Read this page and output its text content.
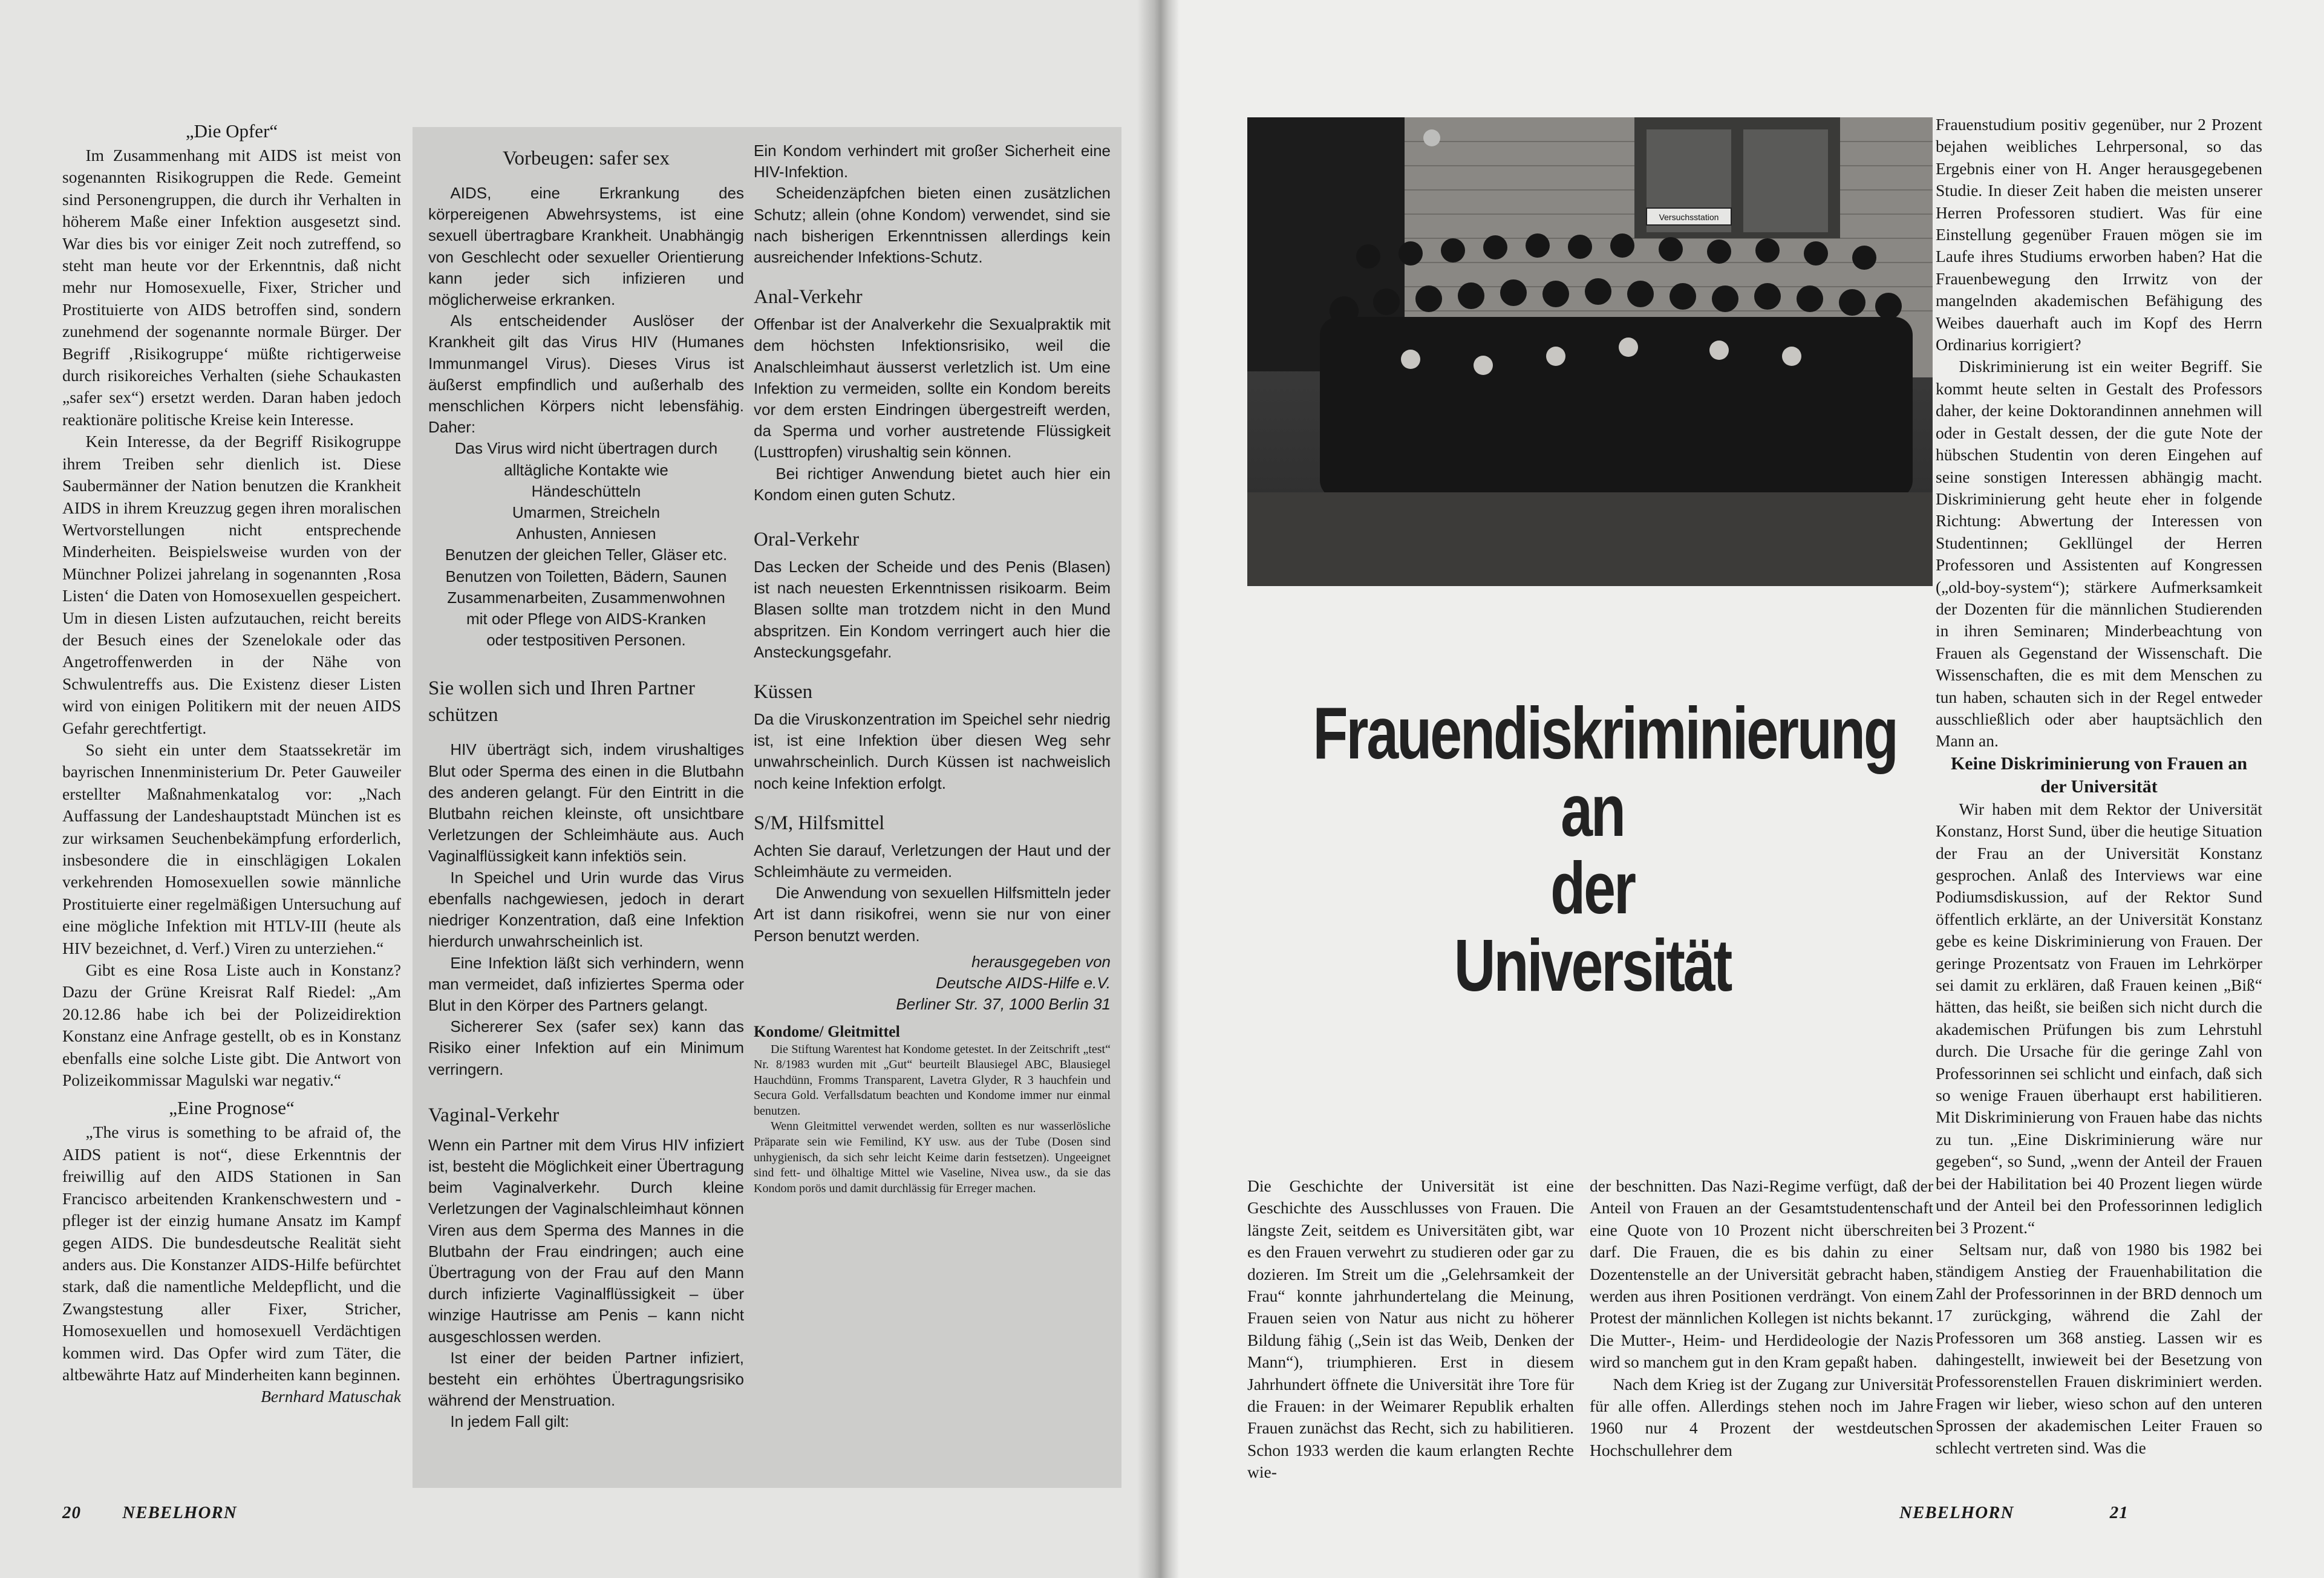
„Die Opfer“

Im Zusammenhang mit AIDS ist meist von sogenannten Risikogruppen die Rede. Gemeint sind Personengruppen, die durch ihr Verhalten in höherem Maße einer Infektion ausgesetzt sind. War dies bis vor einiger Zeit noch zutreffend, so steht man heute vor der Erkenntnis, daß nicht mehr nur Homosexuelle, Fixer, Stricher und Prostituierte von AIDS betroffen sind, sondern zunehmend der sogenannte normale Bürger. Der Begriff ‚Risikogruppe‘ müßte richtigerweise durch risikoreiches Verhalten (siehe Schaukasten „safer sex“) ersetzt werden. Daran haben jedoch reaktionäre politische Kreise kein Interesse.

Kein Interesse, da der Begriff Risikogruppe ihrem Treiben sehr dienlich ist. Diese Saubermänner der Nation benutzen die Krankheit AIDS in ihrem Kreuzzug gegen ihren moralischen Wertvorstellungen nicht entsprechende Minderheiten. Beispielsweise wurden von der Münchner Polizei jahrelang in sogenannten ‚Rosa Listen‘ die Daten von Homosexuellen gespeichert. Um in diesen Listen aufzutauchen, reicht bereits der Besuch eines der Szenelokale oder das Angetroffenwerden in der Nähe von Schwulentreffs aus. Die Existenz dieser Listen wird von einigen Politikern mit der neuen AIDS Gefahr gerechtfertigt.

So sieht ein unter dem Staatssekretär im bayrischen Innenministerium Dr. Peter Gauweiler erstellter Maßnahmenkatalog vor: „Nach Auffassung der Landeshauptstadt München ist es zur wirksamen Seuchenbekämpfung erforderlich, insbesondere die in einschlägigen Lokalen verkehrenden Homosexuellen sowie männliche Prostituierte einer regelmäßigen Untersuchung auf eine mögliche Infektion mit HTLV-III (heute als HIV bezeichnet, d. Verf.) Viren zu unterziehen.“

Gibt es eine Rosa Liste auch in Konstanz? Dazu der Grüne Kreisrat Ralf Riedel: „Am 20.12.86 habe ich bei der Polizeidirektion Konstanz eine Anfrage gestellt, ob es in Konstanz ebenfalls eine solche Liste gibt. Die Antwort von Polizeikommissar Magulski war negativ.“

„Eine Prognose“

„The virus is something to be afraid of, the AIDS patient is not“, diese Erkenntnis der freiwillig auf den AIDS Stationen in San Francisco arbeitenden Krankenschwestern und -pfleger ist der einzig humane Ansatz im Kampf gegen AIDS. Die bundesdeutsche Realität sieht anders aus. Die Konstanzer AIDS-Hilfe befürchtet stark, daß die namentliche Meldepflicht, und die Zwangstestung aller Fixer, Stricher, Homosexuellen und homosexuell Verdächtigen kommen wird. Das Opfer wird zum Täter, die altbewährte Hatz auf Minderheiten kann beginnen.

Bernhard Matuschak

Vorbeugen: safer sex

AIDS, eine Erkrankung des körpereigenen Abwehrsystems, ist eine sexuell übertragbare Krankheit. Unabhängig von Geschlecht oder sexueller Orientierung kann jeder sich infizieren und möglicherweise erkranken.

Als entscheidender Auslöser der Krankheit gilt das Virus HIV (Humanes Immunmangel Virus). Dieses Virus ist äußerst empfindlich und außerhalb des menschlichen Körpers nicht lebensfähig. Daher:

Das Virus wird nicht übertragen durch alltägliche Kontakte wie

Händeschütteln

Umarmen, Streicheln

Anhusten, Anniesen

Benutzen der gleichen Teller, Gläser etc.

Benutzen von Toiletten, Bädern, Saunen

Zusammenarbeiten, Zusammenwohnen

mit oder Pflege von AIDS-Kranken

oder testpositiven Personen.

Sie wollen sich und Ihren Partner schützen

HIV überträgt sich, indem virushaltiges Blut oder Sperma des einen in die Blutbahn des anderen gelangt. Für den Eintritt in die Blutbahn reichen kleinste, oft unsichtbare Verletzungen der Schleimhäute aus. Auch Vaginalflüssigkeit kann infektiös sein.

In Speichel und Urin wurde das Virus ebenfalls nachgewiesen, jedoch in derart niedriger Konzentration, daß eine Infektion hierdurch unwahrscheinlich ist.

Eine Infektion läßt sich verhindern, wenn man vermeidet, daß infiziertes Sperma oder Blut in den Körper des Partners gelangt.

Sichererer Sex (safer sex) kann das Risiko einer Infektion auf ein Minimum verringern.

Vaginal-Verkehr

Wenn ein Partner mit dem Virus HIV infiziert ist, besteht die Möglichkeit einer Übertragung beim Vaginalverkehr. Durch kleine Verletzungen der Vaginalschleimhaut können Viren aus dem Sperma des Mannes in die Blutbahn der Frau eindringen; auch eine Übertragung von der Frau auf den Mann durch infizierte Vaginalflüssigkeit – über winzige Hautrisse am Penis – kann nicht ausgeschlossen werden.

Ist einer der beiden Partner infiziert, besteht ein erhöhtes Übertragungsrisiko während der Menstruation.

In jedem Fall gilt:

Ein Kondom verhindert mit großer Sicherheit eine HIV-Infektion.

Scheidenzäpfchen bieten einen zusätzlichen Schutz; allein (ohne Kondom) verwendet, sind sie nach bisherigen Erkenntnissen allerdings kein ausreichender Infektions-Schutz.

Anal-Verkehr

Offenbar ist der Analverkehr die Sexualpraktik mit dem höchsten Infektionsrisiko, weil die Analschleimhaut äusserst verletzlich ist. Um eine Infektion zu vermeiden, sollte ein Kondom bereits vor dem ersten Eindringen übergestreift werden, da Sperma und vorher austretende Flüssigkeit (Lusttropfen) virushaltig sein können.

Bei richtiger Anwendung bietet auch hier ein Kondom einen guten Schutz.

Oral-Verkehr

Das Lecken der Scheide und des Penis (Blasen) ist nach neuesten Erkenntnissen risikoarm. Beim Blasen sollte man trotzdem nicht in den Mund abspritzen. Ein Kondom verringert auch hier die Ansteckungsgefahr.

Küssen

Da die Viruskonzentration im Speichel sehr niedrig ist, ist eine Infektion über diesen Weg sehr unwahrscheinlich. Durch Küssen ist nachweislich noch keine Infektion erfolgt.

S/M, Hilfsmittel

Achten Sie darauf, Verletzungen der Haut und der Schleimhäute zu vermeiden.

Die Anwendung von sexuellen Hilfsmitteln jeder Art ist dann risikofrei, wenn sie nur von einer Person benutzt werden.

herausgegeben von

Deutsche AIDS-Hilfe e.V.

Berliner Str. 37, 1000 Berlin 31

Kondome/ Gleitmittel

Die Stiftung Warentest hat Kondome getestet. In der Zeitschrift „test“ Nr. 8/1983 wurden mit „Gut“ beurteilt Blausiegel ABC, Blausiegel Hauchdünn, Fromms Transparent, Lavetra Glyder, R 3 hauchfein und Secura Gold. Verfallsdatum beachten und Kondome immer nur einmal benutzen.

Wenn Gleitmittel verwendet werden, sollten es nur wasserlösliche Präparate sein wie Femilind, KY usw. aus der Tube (Dosen sind unhygienisch, da sich sehr leicht Keime darin festsetzen). Ungeeignet sind fett- und ölhaltige Mittel wie Vaseline, Nivea usw., da sie das Kondom porös und damit durchlässig für Erreger machen.

20 NEBELHORN
Versuchsstation
Frauendiskriminierung
an
der
Universität

Die Geschichte der Universität ist eine Geschichte des Ausschlusses von Frauen. Die längste Zeit, seitdem es Universitäten gibt, war es den Frauen verwehrt zu studieren oder gar zu dozieren. Im Streit um die „Gelehrsamkeit der Frau“ konnte jahrhundertelang die Meinung, Frauen seien von Natur aus nicht zu höherer Bildung fähig („Sein ist das Weib, Denken der Mann“), triumphieren. Erst in diesem Jahrhundert öffnete die Universität ihre Tore für die Frauen: in der Weimarer Republik erhalten Frauen zunächst das Recht, sich zu habilitieren. Schon 1933 werden die kaum erlangten Rechte wie-

der beschnitten. Das Nazi-Regime verfügt, daß der Anteil von Frauen an der Gesamtstudentenschaft eine Quote von 10 Prozent nicht überschreiten darf. Die Frauen, die es bis dahin zu einer Dozentenstelle an der Universität gebracht haben, werden aus ihren Positionen verdrängt. Von einem Protest der männlichen Kollegen ist nichts bekannt. Die Mutter-, Heim- und Herdideologie der Nazis wird so manchem gut in den Kram gepaßt haben.

Nach dem Krieg ist der Zugang zur Universität für alle offen. Allerdings stehen noch im Jahre 1960 nur 4 Prozent der westdeutschen Hochschullehrer dem

Frauenstudium positiv gegenüber, nur 2 Prozent bejahen weibliches Lehrpersonal, so das Ergebnis einer von H. Anger herausgegebenen Studie. In dieser Zeit haben die meisten unserer Herren Professoren studiert. Was für eine Einstellung gegenüber Frauen mögen sie im Laufe ihres Studiums erworben haben? Hat die Frauenbewegung den Irrwitz von der mangelnden akademischen Befähigung des Weibes dauerhaft auch im Kopf des Herrn Ordinarius korrigiert?

Diskriminierung ist ein weiter Begriff. Sie kommt heute selten in Gestalt des Professors daher, der keine Doktorandinnen annehmen will oder in Gestalt dessen, der die gute Note der hübschen Studentin von deren Eingehen auf seine sonstigen Interessen abhängig macht. Diskriminierung geht heute eher in folgende Richtung: Abwertung der Interessen von Studentinnen; Gekllüngel der Herren Professoren und Assistenten auf Kongressen („old-boy-system“); stärkere Aufmerksamkeit der Dozenten für die männlichen Studierenden in ihren Seminaren; Minderbeachtung von Frauen als Gegenstand der Wissenschaft. Die Wissenschaften, die es mit dem Menschen zu tun haben, schauten sich in der Regel entweder ausschließlich oder aber hauptsächlich den Mann an.

Keine Diskriminierung von Frauen an der Universität

Wir haben mit dem Rektor der Universität Konstanz, Horst Sund, über die heutige Situation der Frau an der Universität Konstanz gesprochen. Anlaß des Interviews war eine Podiumsdiskussion, auf der Rektor Sund öffentlich erklärte, an der Universität Konstanz gebe es keine Diskriminierung von Frauen. Der geringe Prozentsatz von Frauen im Lehrkörper sei damit zu erklären, daß Frauen keinen „Biß“ hätten, das heißt, sie beißen sich nicht durch die akademischen Prüfungen bis zum Lehrstuhl durch. Die Ursache für die geringe Zahl von Professorinnen sei schlicht und einfach, daß sich so wenige Frauen überhaupt erst habilitieren. Mit Diskriminierung von Frauen habe das nichts zu tun. „Eine Diskriminierung wäre nur gegeben“, so Sund, „wenn der Anteil der Frauen bei der Habilitation bei 40 Prozent liegen würde und der Anteil bei den Professorinnen lediglich bei 3 Prozent.“

Seltsam nur, daß von 1980 bis 1982 bei ständigem Anstieg der Frauenhabilitation die Zahl der Professorinnen in der BRD dennoch um 17 zurückging, während die Zahl der Professoren um 368 anstieg. Lassen wir es dahingestellt, inwieweit bei der Besetzung von Professorenstellen Frauen diskriminiert werden. Fragen wir lieber, wieso schon auf den unteren Sprossen der akademischen Leiter Frauen so schlecht vertreten sind. Was die

NEBELHORN	21
